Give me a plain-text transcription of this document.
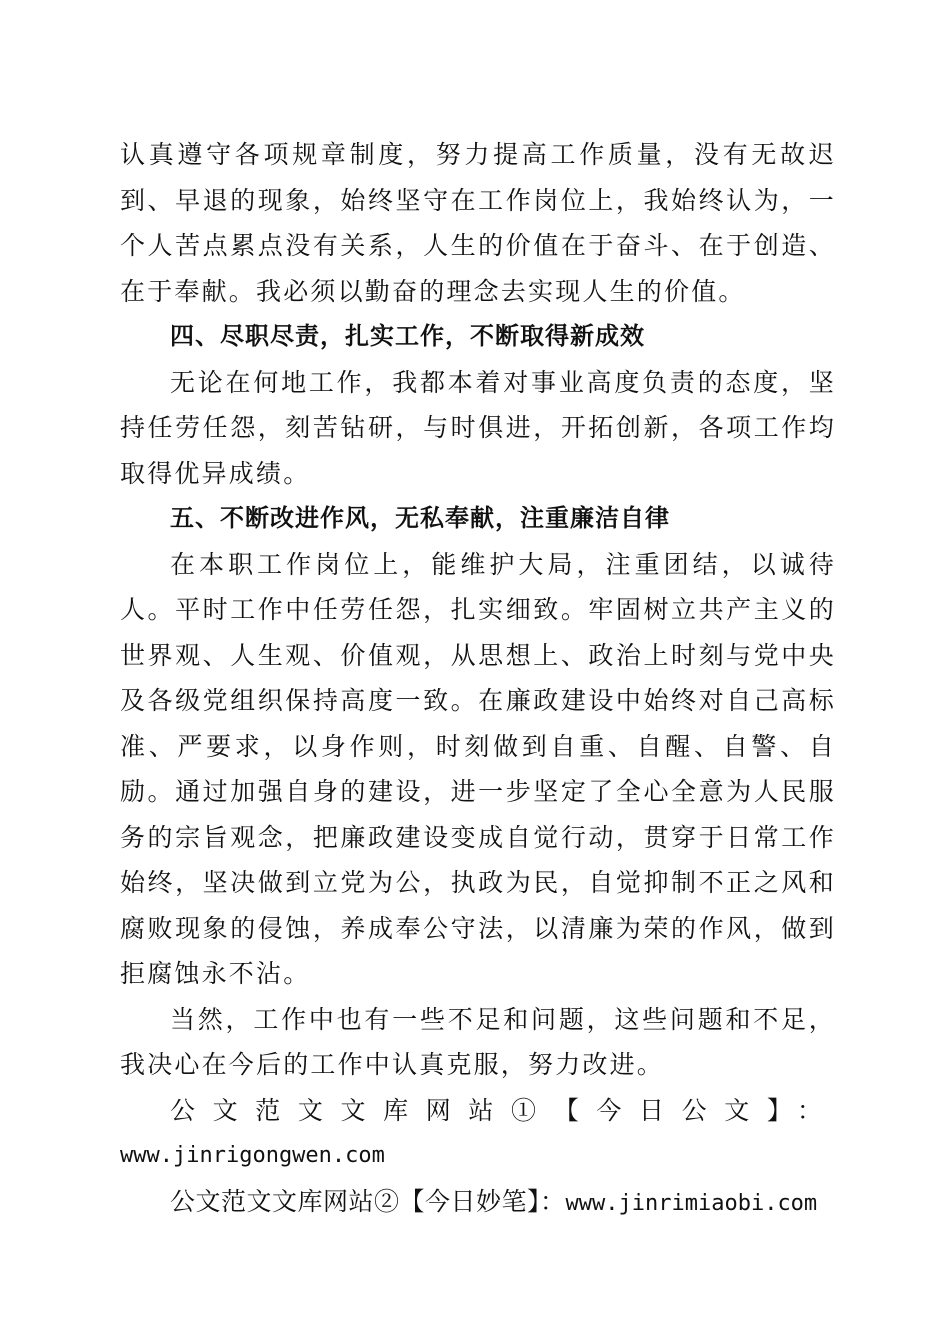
认真遵守各项规章制度，努力提高工作质量，没有无故迟到、早退的现象，始终坚守在工作岗位上，我始终认为，一个人苦点累点没有关系，人生的价值在于奋斗、在于创造、在于奉献。我必须以勤奋的理念去实现人生的价值。

四、尽职尽责，扎实工作，不断取得新成效

无论在何地工作，我都本着对事业高度负责的态度，坚持任劳任怨，刻苦钻研，与时俱进，开拓创新，各项工作均取得优异成绩。

五、不断改进作风，无私奉献，注重廉洁自律

在本职工作岗位上，能维护大局，注重团结，以诚待人。平时工作中任劳任怨，扎实细致。牢固树立共产主义的世界观、人生观、价值观，从思想上、政治上时刻与党中央及各级党组织保持高度一致。在廉政建设中始终对自己高标准、严要求，以身作则，时刻做到自重、自醒、自警、自励。通过加强自身的建设，进一步坚定了全心全意为人民服务的宗旨观念，把廉政建设变成自觉行动，贯穿于日常工作始终，坚决做到立党为公，执政为民，自觉抑制不正之风和腐败现象的侵蚀，养成奉公守法，以清廉为荣的作风，做到拒腐蚀永不沾。

当然，工作中也有一些不足和问题，这些问题和不足，我决心在今后的工作中认真克服，努力改进。

公文范文文库网站①【今日公文】：

www.jinrigongwen.com

公文范文文库网站②【今日妙笔】：www.jinrimiaobi.com
